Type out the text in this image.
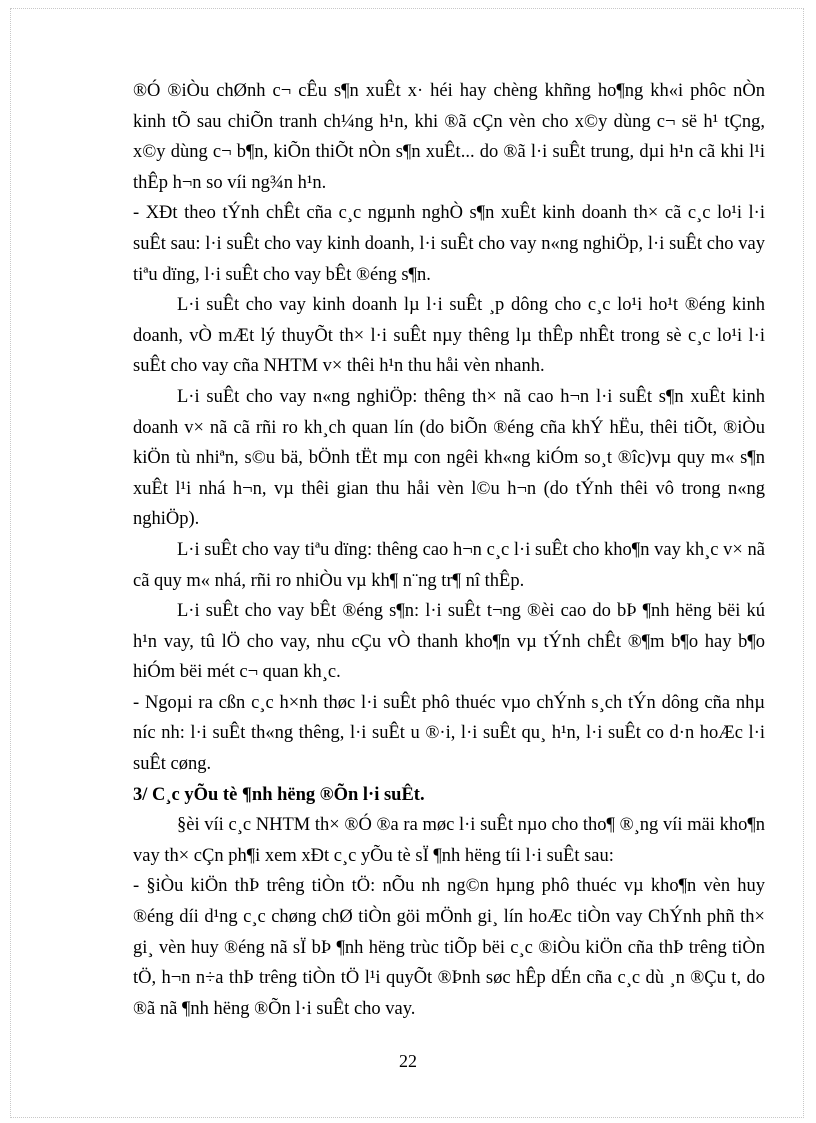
®Ó ®iÒu chØnh c¬ cÊu s¶n xuÊt x· héi hay chèng khñng ho¶ng kh«i phôc nÒn kinh tÕ sau chiÕn tranh ch¼ng h¹n, khi ®ã cÇn vèn cho x©y dùng c¬ së h¹ tÇng, x©y dùng c¬ b¶n, kiÕn thiÕt nÒn s¶n xuÊt... do ®ã l·i suÊt trung, dµi h¹n cã khi l¹i thÊp h¬n so víi ng¾n h¹n.

- XÐt theo tÝnh chÊt cña c¸c ngµnh nghÒ s¶n xuÊt kinh doanh th× cã c¸c lo¹i l·i suÊt sau: l·i suÊt cho vay kinh doanh, l·i suÊt cho vay n«ng nghiÖp, l·i suÊt cho vay tiªu dïng, l·i suÊt cho vay bÊt ®éng s¶n.

L·i suÊt cho vay kinh doanh lµ l·i suÊt ¸p dông cho c¸c lo¹i ho¹t ®éng kinh doanh, vÒ mÆt lý thuyÕt th× l·i suÊt nµy thêng lµ thÊp nhÊt trong sè c¸c lo¹i l·i suÊt cho vay cña NHTM v× thêi h¹n thu håi vèn nhanh.

L·i suÊt cho vay n«ng nghiÖp: thêng th× nã cao h¬n l·i suÊt s¶n xuÊt kinh doanh v× nã cã rñi ro kh¸ch quan lín (do biÕn ®éng cña khÝ hËu, thêi tiÕt, ®iÒu kiÖn tù nhiªn, s©u bä, bÖnh tËt mµ con ngêi kh«ng kiÓm so¸t ®îc)vµ quy m« s¶n xuÊt l¹i nhá h¬n, vµ thêi gian thu håi vèn l©u h¬n (do tÝnh thêi vô trong n«ng nghiÖp).

L·i suÊt cho vay tiªu dïng: thêng cao h¬n c¸c l·i suÊt cho kho¶n vay kh¸c v× nã cã quy m« nhá, rñi ro nhiÒu vµ kh¶ n¨ng tr¶ nî thÊp.

L·i suÊt cho vay bÊt ®éng s¶n: l·i suÊt t¬ng ®èi cao do bÞ ¶nh hëng bëi kú h¹n vay, tû lÖ cho vay, nhu cÇu vÒ thanh kho¶n vµ tÝnh chÊt ®¶m b¶o hay b¶o hiÓm bëi mét c¬ quan kh¸c.

- Ngoµi ra cßn c¸c h×nh thøc l·i suÊt phô thuéc vµo chÝnh s¸ch tÝn dông cña nhµ níc nh: l·i suÊt th«ng thêng, l·i suÊt u ®·i, l·i suÊt qu¸ h¹n, l·i suÊt co d·n hoÆc l·i suÊt cøng.

3/ C¸c yÕu tè ¶nh hëng ®Õn l·i suÊt.

§èi víi c¸c NHTM th× ®Ó ®a ra møc l·i suÊt nµo cho tho¶ ®¸ng víi mäi kho¶n vay th× cÇn ph¶i xem xÐt c¸c yÕu tè sÏ ¶nh hëng tíi l·i suÊt sau:

- §iÒu kiÖn thÞ trêng tiÒn tÖ: nÕu nh ng©n hµng phô thuéc vµ kho¶n vèn huy ®éng díi d¹ng c¸c chøng chØ tiÒn göi mÖnh gi¸ lín hoÆc tiÒn vay ChÝnh phñ th× gi¸ vèn huy ®éng nã sÏ bÞ ¶nh hëng trùc tiÕp bëi c¸c ®iÒu kiÖn cña thÞ trêng tiÒn tÖ, h¬n n÷a thÞ trêng tiÒn tÖ l¹i quyÕt ®Þnh søc hÊp dÉn cña c¸c dù ¸n ®Çu t, do ®ã nã ¶nh hëng ®Õn l·i suÊt cho vay.

22
